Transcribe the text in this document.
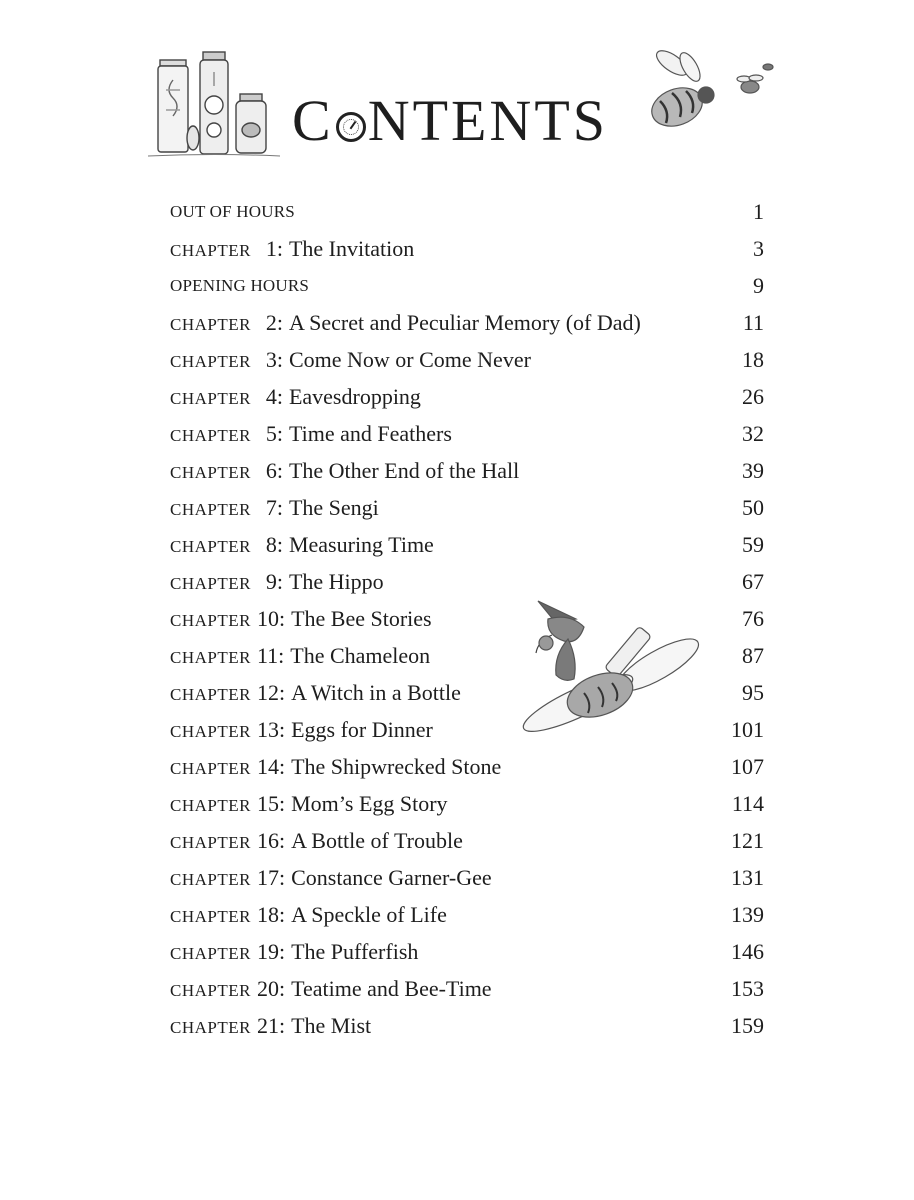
C NTENTS
OUT OF HOURS	1
CHAPTER 1: The Invitation	3
OPENING HOURS	9
CHAPTER 2: A Secret and Peculiar Memory (of Dad)	11
CHAPTER 3: Come Now or Come Never	18
CHAPTER 4: Eavesdropping	26
CHAPTER 5: Time and Feathers	32
CHAPTER 6: The Other End of the Hall	39
CHAPTER 7: The Sengi	50
CHAPTER 8: Measuring Time	59
CHAPTER 9: The Hippo	67
CHAPTER 10: The Bee Stories	76
CHAPTER 11: The Chameleon	87
CHAPTER 12: A Witch in a Bottle	95
CHAPTER 13: Eggs for Dinner	101
CHAPTER 14: The Shipwrecked Stone	107
CHAPTER 15: Mom’s Egg Story	114
CHAPTER 16: A Bottle of Trouble	121
CHAPTER 17: Constance Garner-Gee	131
CHAPTER 18: A Speckle of Life	139
CHAPTER 19: The Pufferfish	146
CHAPTER 20: Teatime and Bee-Time	153
CHAPTER 21: The Mist	159
